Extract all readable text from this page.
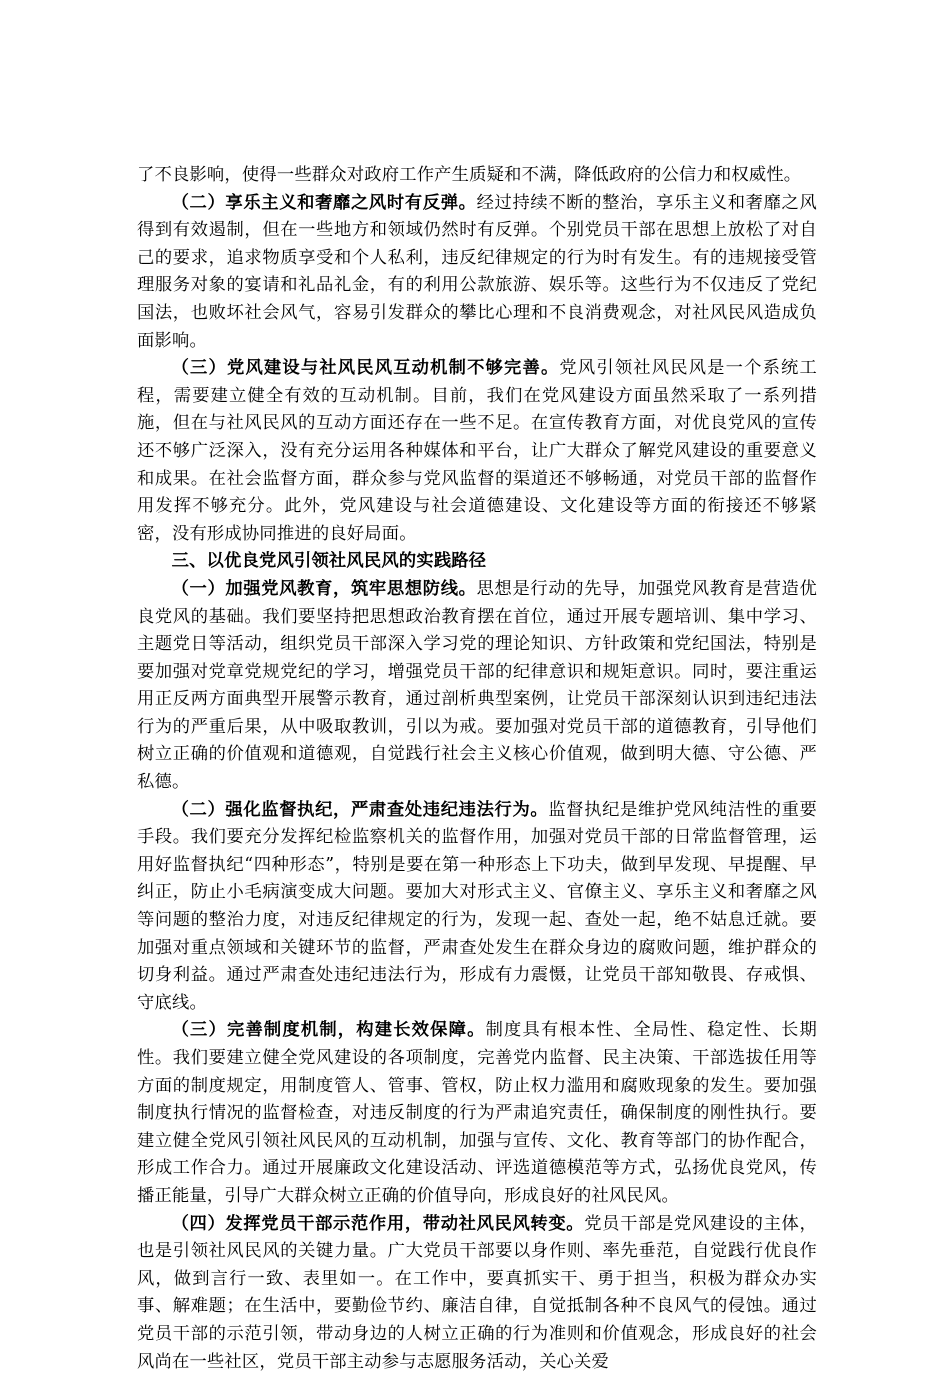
了不良影响，使得一些群众对政府工作产生质疑和不满，降低政府的公信力和权威性。

（二）享乐主义和奢靡之风时有反弹。经过持续不断的整治，享乐主义和奢靡之风得到有效遏制，但在一些地方和领域仍然时有反弹。个别党员干部在思想上放松了对自己的要求，追求物质享受和个人私利，违反纪律规定的行为时有发生。有的违规接受管理服务对象的宴请和礼品礼金，有的利用公款旅游、娱乐等。这些行为不仅违反了党纪国法，也败坏社会风气，容易引发群众的攀比心理和不良消费观念，对社风民风造成负面影响。

（三）党风建设与社风民风互动机制不够完善。党风引领社风民风是一个系统工程，需要建立健全有效的互动机制。目前，我们在党风建设方面虽然采取了一系列措施，但在与社风民风的互动方面还存在一些不足。在宣传教育方面，对优良党风的宣传还不够广泛深入，没有充分运用各种媒体和平台，让广大群众了解党风建设的重要意义和成果。在社会监督方面，群众参与党风监督的渠道还不够畅通，对党员干部的监督作用发挥不够充分。此外，党风建设与社会道德建设、文化建设等方面的衔接还不够紧密，没有形成协同推进的良好局面。

三、以优良党风引领社风民风的实践路径

（一）加强党风教育，筑牢思想防线。思想是行动的先导，加强党风教育是营造优良党风的基础。我们要坚持把思想政治教育摆在首位，通过开展专题培训、集中学习、主题党日等活动，组织党员干部深入学习党的理论知识、方针政策和党纪国法，特别是要加强对党章党规党纪的学习，增强党员干部的纪律意识和规矩意识。同时，要注重运用正反两方面典型开展警示教育，通过剖析典型案例，让党员干部深刻认识到违纪违法行为的严重后果，从中吸取教训，引以为戒。要加强对党员干部的道德教育，引导他们树立正确的价值观和道德观，自觉践行社会主义核心价值观，做到明大德、守公德、严私德。

（二）强化监督执纪，严肃查处违纪违法行为。监督执纪是维护党风纯洁性的重要手段。我们要充分发挥纪检监察机关的监督作用，加强对党员干部的日常监督管理，运用好监督执纪“四种形态”，特别是要在第一种形态上下功夫，做到早发现、早提醒、早纠正，防止小毛病演变成大问题。要加大对形式主义、官僚主义、享乐主义和奢靡之风等问题的整治力度，对违反纪律规定的行为，发现一起、查处一起，绝不姑息迁就。要加强对重点领域和关键环节的监督，严肃查处发生在群众身边的腐败问题，维护群众的切身利益。通过严肃查处违纪违法行为，形成有力震慑，让党员干部知敬畏、存戒惧、守底线。

（三）完善制度机制，构建长效保障。制度具有根本性、全局性、稳定性、长期性。我们要建立健全党风建设的各项制度，完善党内监督、民主决策、干部选拔任用等方面的制度规定，用制度管人、管事、管权，防止权力滥用和腐败现象的发生。要加强制度执行情况的监督检查，对违反制度的行为严肃追究责任，确保制度的刚性执行。要建立健全党风引领社风民风的互动机制，加强与宣传、文化、教育等部门的协作配合，形成工作合力。通过开展廉政文化建设活动、评选道德模范等方式，弘扬优良党风，传播正能量，引导广大群众树立正确的价值导向，形成良好的社风民风。

（四）发挥党员干部示范作用，带动社风民风转变。党员干部是党风建设的主体，也是引领社风民风的关键力量。广大党员干部要以身作则、率先垂范，自觉践行优良作风，做到言行一致、表里如一。在工作中，要真抓实干、勇于担当，积极为群众办实事、解难题；在生活中，要勤俭节约、廉洁自律，自觉抵制各种不良风气的侵蚀。通过党员干部的示范引领，带动身边的人树立正确的行为准则和价值观念，形成良好的社会风尚在一些社区，党员干部主动参与志愿服务活动，关心关爱
